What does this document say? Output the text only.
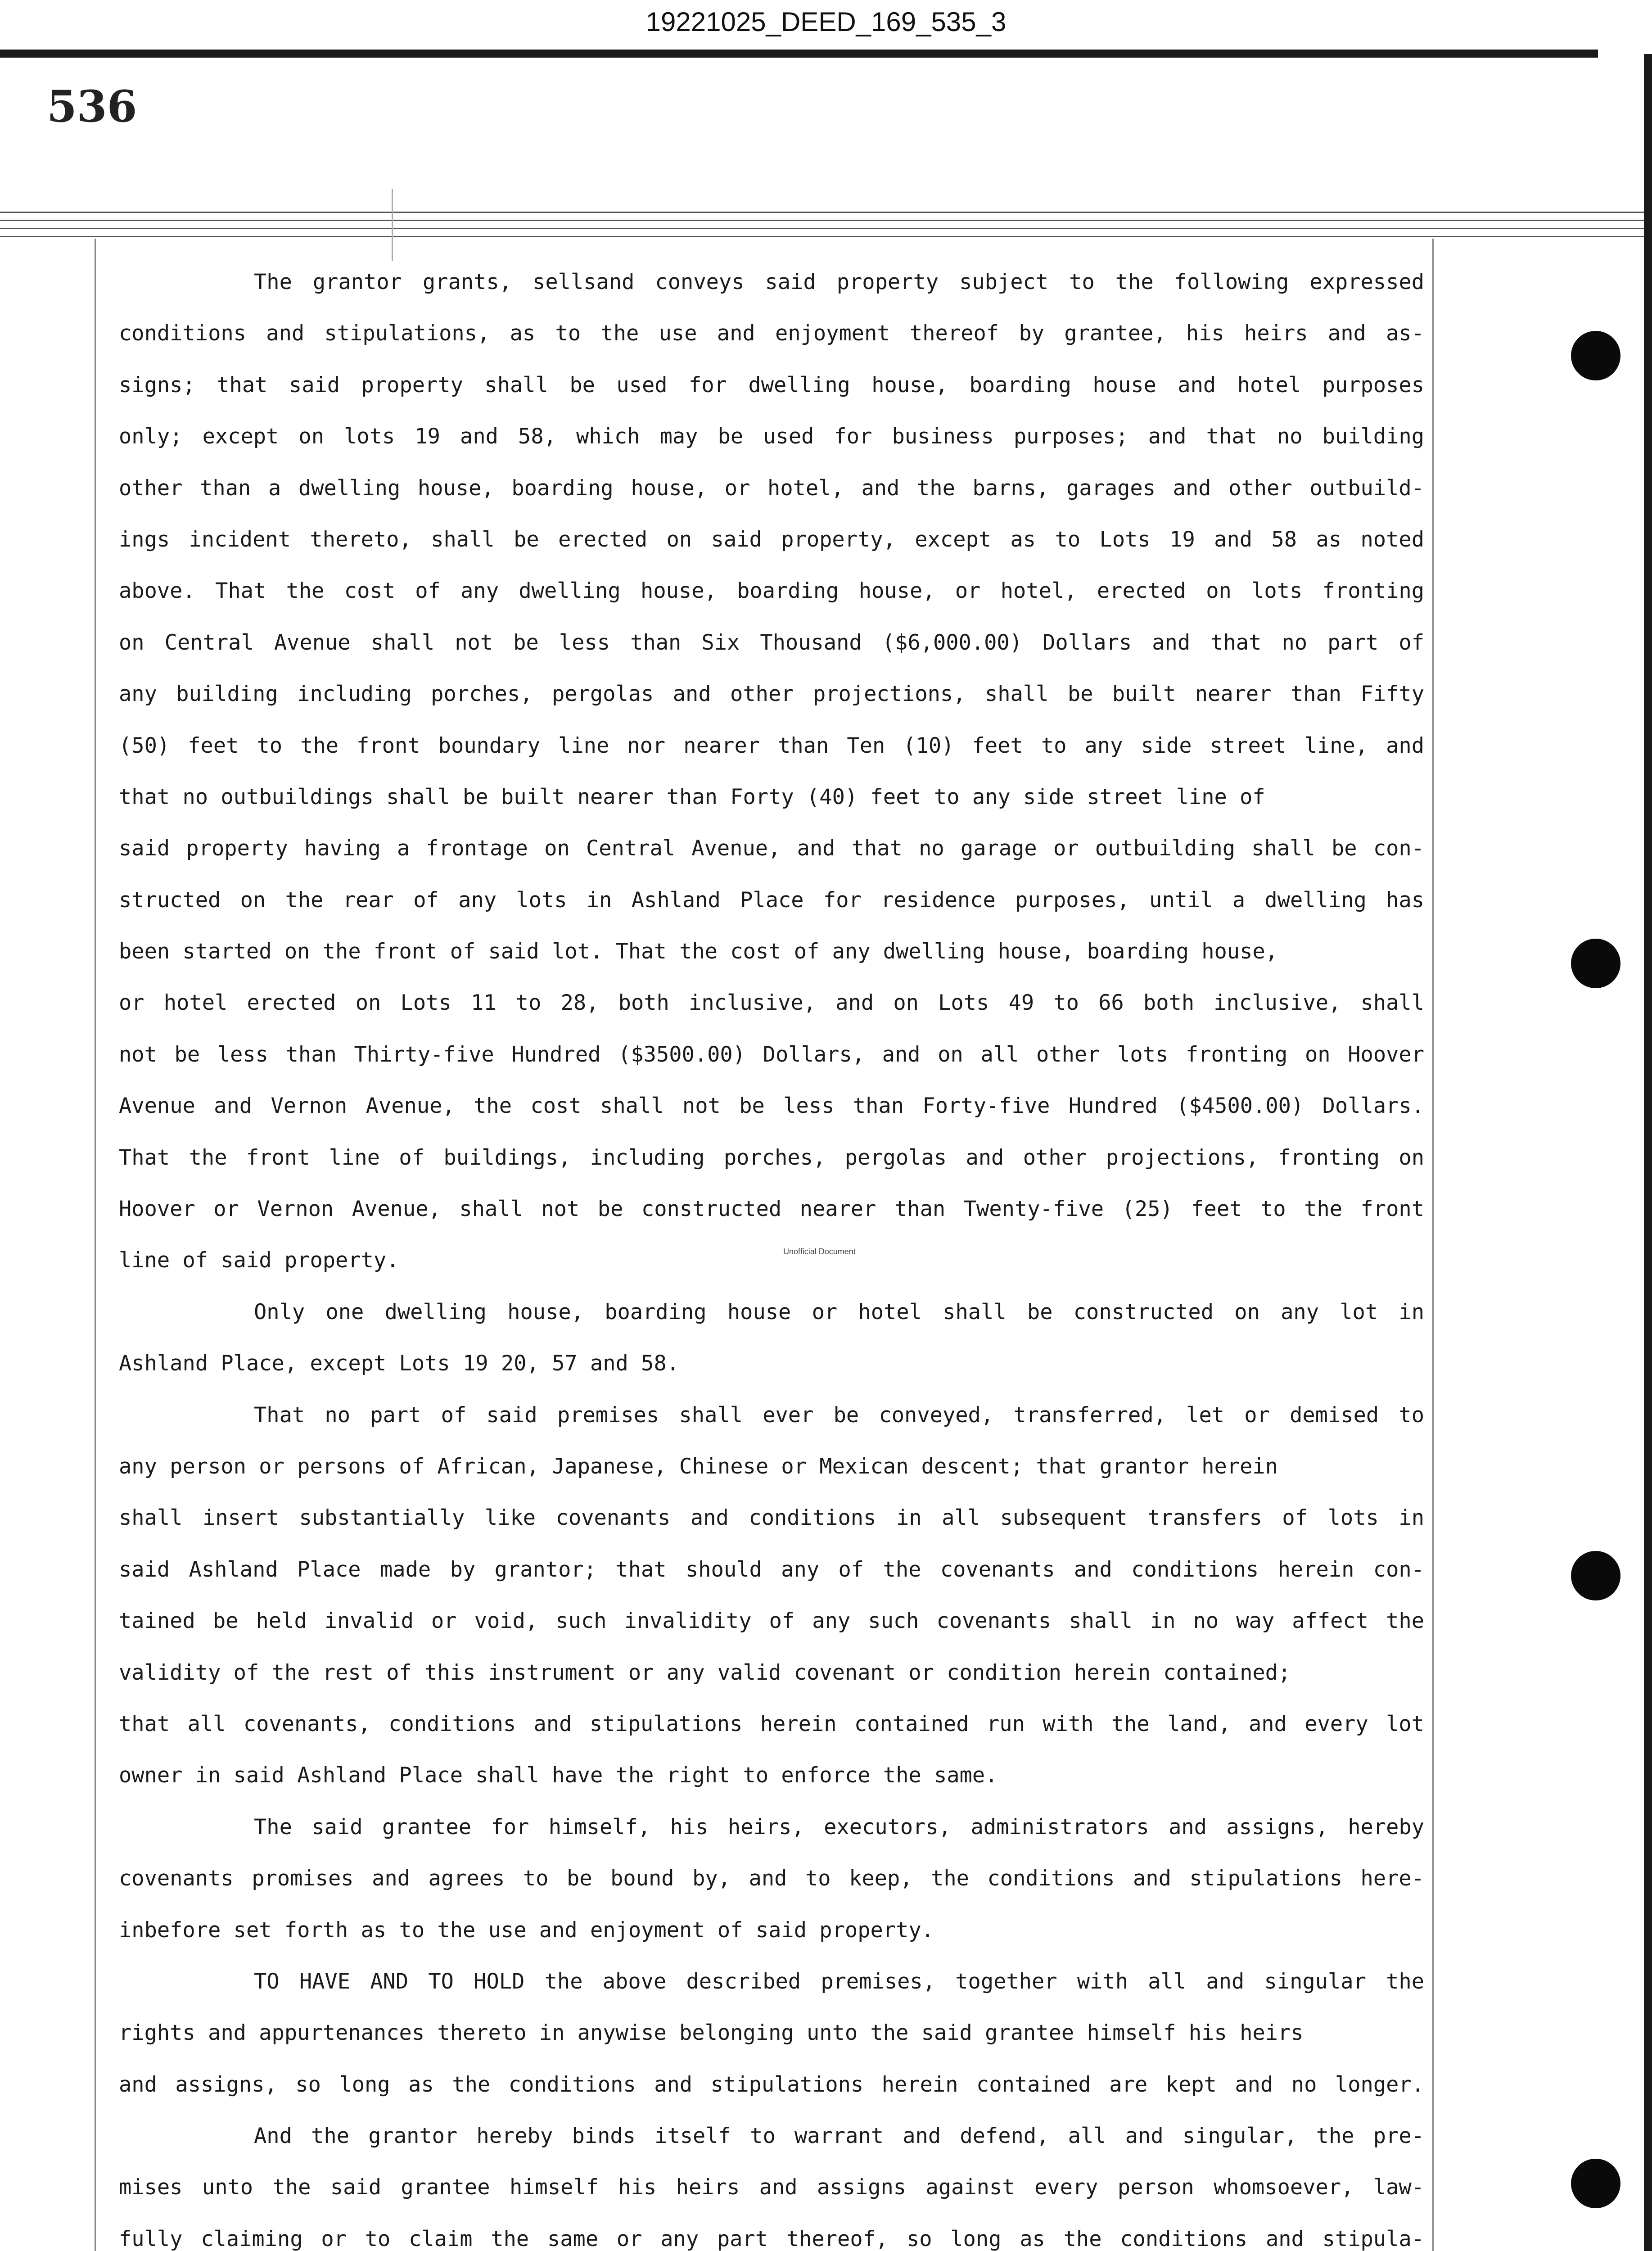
19221025_DEED_169_535_3
536
The grantor grants, sellsand conveys said property subject to the following expressed
conditions and stipulations, as to the use and enjoyment thereof by grantee, his heirs and as-
signs; that said property shall be used for dwelling house, boarding house and hotel purposes
only; except on lots 19 and 58, which may be used for business purposes; and that no building
other than a dwelling house, boarding house, or hotel, and the barns, garages and other outbuild-
ings incident thereto, shall be erected on said property, except as to Lots 19 and 58 as noted
above. That the cost of any dwelling house, boarding house, or hotel, erected on lots fronting
on Central Avenue shall not be less than Six Thousand ($6,000.00) Dollars and that no part of
any building including porches, pergolas and other projections, shall be built nearer than Fifty
(50) feet to the front boundary line nor nearer than Ten (10) feet to any side street line, and
that no outbuildings shall be built nearer than Forty (40) feet to any side street line of
said property having a frontage on Central Avenue, and that no garage or outbuilding shall be con-
structed on the rear of any lots in Ashland Place for residence purposes, until a dwelling has
been started on the front of said lot. That the cost of any dwelling house, boarding house,
or hotel erected on Lots 11 to 28, both inclusive, and on Lots 49 to 66 both inclusive, shall
not be less than Thirty-five Hundred ($3500.00) Dollars, and on all other lots fronting on Hoover
Avenue and Vernon Avenue, the cost shall not be less than Forty-five Hundred ($4500.00) Dollars.
That the front line of buildings, including porches, pergolas and other projections, fronting on
Hoover or Vernon Avenue, shall not be constructed nearer than Twenty-five (25) feet to the front
line of said property.
Only one dwelling house, boarding house or hotel shall be constructed on any lot in
Ashland Place, except Lots 19 20, 57 and 58.
That no part of said premises shall ever be conveyed, transferred, let or demised to
any person or persons of African, Japanese, Chinese or Mexican descent; that grantor herein
shall insert substantially like covenants and conditions in all subsequent transfers of lots in
said Ashland Place made by grantor; that should any of the covenants and conditions herein con-
tained be held invalid or void, such invalidity of any such covenants shall in no way affect the
validity of the rest of this instrument or any valid covenant or condition herein contained;
that all covenants, conditions and stipulations herein contained run with the land, and every lot
owner in said Ashland Place shall have the right to enforce the same.
The said grantee for himself, his heirs, executors, administrators and assigns, hereby
covenants promises and agrees to be bound by, and to keep, the conditions and stipulations here-
inbefore set forth as to the use and enjoyment of said property.
TO HAVE AND TO HOLD the above described premises, together with all and singular the
rights and appurtenances thereto in anywise belonging unto the said grantee himself his heirs
and assigns, so long as the conditions and stipulations herein contained are kept and no longer.
And the grantor hereby binds itself to warrant and defend, all and singular, the pre-
mises unto the said grantee himself his heirs and assigns against every person whomsoever, law-
fully claiming or to claim the same or any part thereof, so long as the conditions and stipula-
Unofficial Document
